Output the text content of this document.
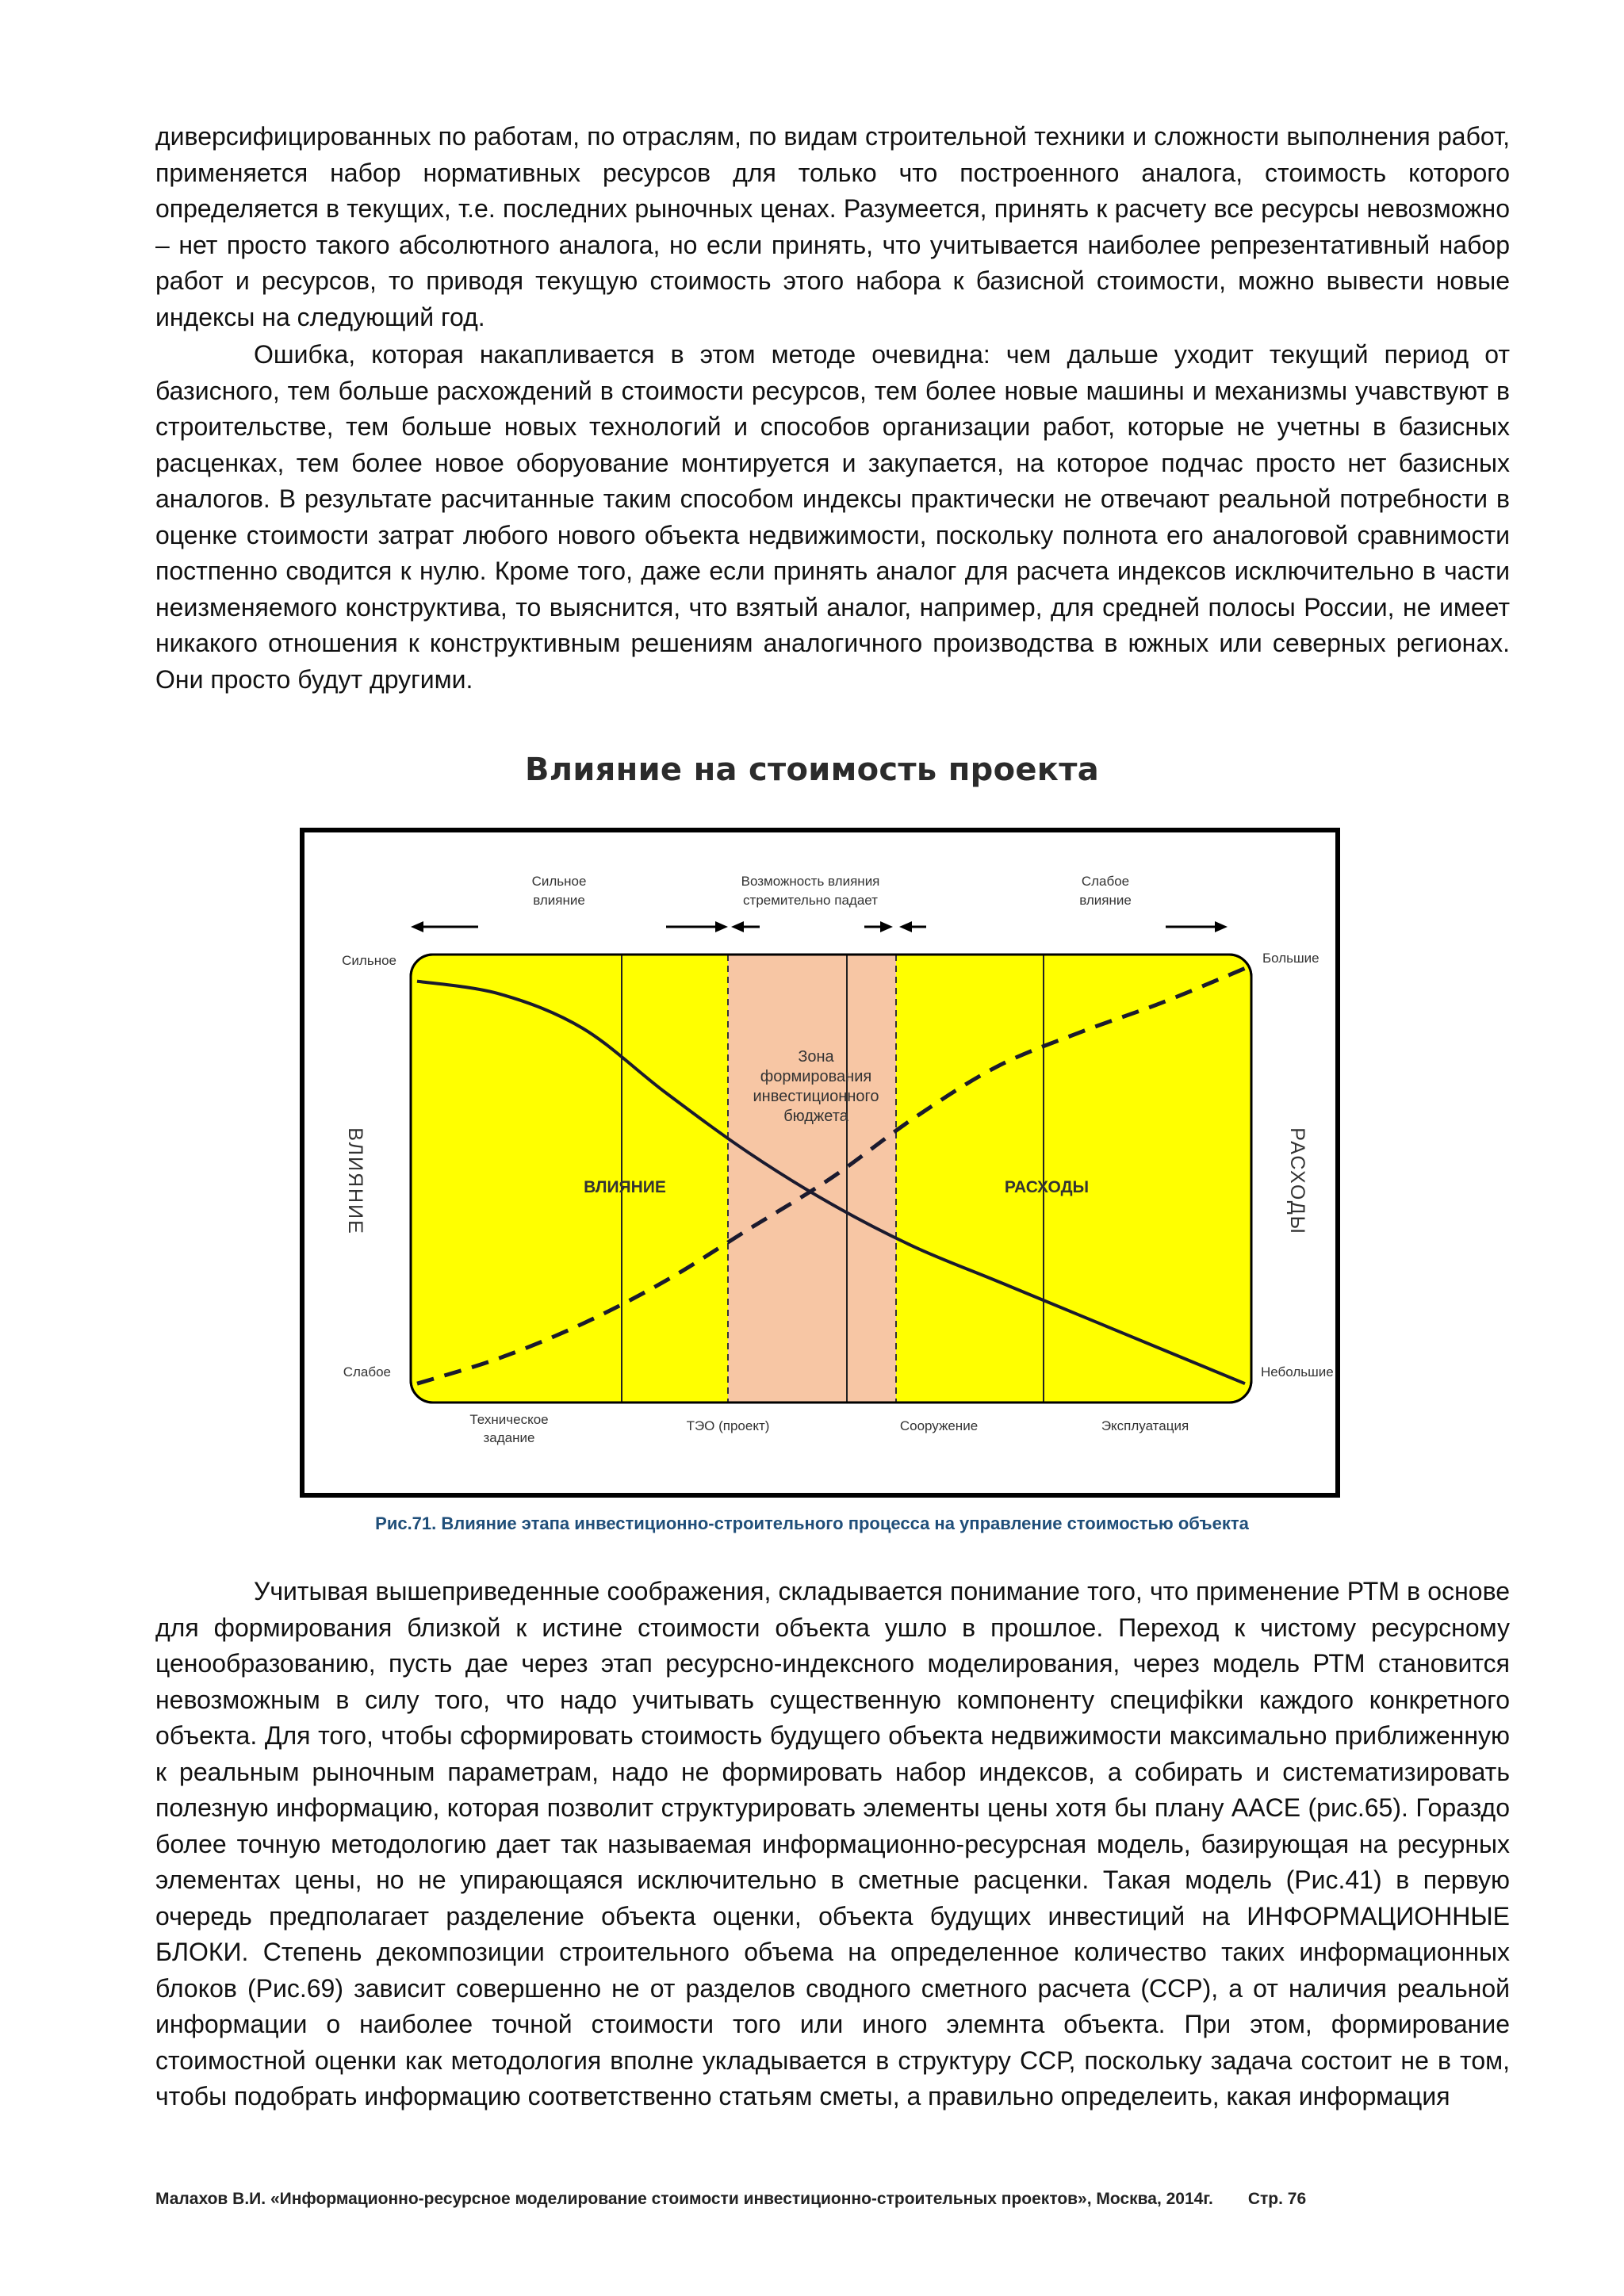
диверсифицированных по работам, по отраслям, по видам строительной техники и сложности выполнения работ, применяется набор нормативных ресурсов для только что построенного аналога, стоимость которого определяется в текущих, т.е. последних рыночных ценах. Разумеется, принять к расчету все ресурсы невозможно – нет просто такого абсолютного аналога, но если принять, что учитывается наиболее репрезентативный набор работ и ресурсов, то приводя текущую стоимость этого набора к базисной стоимости, можно вывести новые индексы на следующий год.

Ошибка, которая накапливается в этом методе очевидна: чем дальше уходит текущий период от базисного, тем больше расхождений в стоимости ресурсов, тем более новые машины и механизмы учавствуют в строительстве, тем больше новых технологий и способов организации работ, которые не учетны в базисных расценках, тем более новое оборуование монтируется и закупается, на которое подчас просто нет базисных аналогов. В результате расчитанные таким способом индексы практически не отвечают реальной потребности в оценке стоимости затрат любого нового объекта недвижимости, поскольку полнота его аналоговой сравнимости постпенно сводится к нулю. Кроме того, даже если принять аналог для расчета индексов исключительно в части неизменяемого конструктива, то выяснится, что взятый аналог, например, для средней полосы России, не имеет никакого отношения к конструктивным решениям аналогичного производства в южных или северных регионах. Они просто будут другими.

Влияние на стоимость проекта
Сильное
влияние
Возможность влияния
стремительно падает
Слабое
влияние
Сильное
Слабое
Большие
Небольшие
ВЛИЯНИЕ	РАСХОДЫ
Зона
формирования
инвестиционного
бюджета
ВЛИЯНИЕ	РАСХОДЫ
Техническое
задание
ТЭО (проект)	Сооружение	Эксплуатация
Рис.71. Влияние этапа инвестиционно-строительного процесса на управление стоимостью объекта

Учитывая вышеприведенные соображения, складывается понимание того, что применение РТМ в основе для формирования близкой к истине стоимости объекта ушло в прошлое. Переход к чистому ресурсному ценообразованию, пусть дае через этап ресурсно-индексного моделирования, через модель РТМ становится невозможным в силу того, что надо учитывать существенную компоненту специфikки каждого конкретного объекта. Для того, чтобы сформировать стоимость будущего объекта недвижимости максимально приближенную к реальным рыночным параметрам, надо не формировать набор индексов, а собирать и систематизировать полезную информацию, которая позволит структурировать элементы цены хотя бы плану AACE (рис.65). Гораздо более точную методологию дает так называемая информационно-ресурсная модель, базирующая на ресурных элементах цены, но не упирающаяся исключительно в сметные расценки. Такая модель (Рис.41) в первую очередь предполагает разделение объекта оценки, объекта будущих инвестиций на ИНФОРМАЦИОННЫЕ БЛОКИ. Степень декомпозиции строительного объема на определенное количество таких информационных блоков (Рис.69) зависит совершенно не от разделов сводного сметного расчета (ССР), а от наличия реальной информации о наиболее точной стоимости того или иного элемнта объекта. При этом, формирование стоимостной оценки как методология вполне укладывается в структуру ССР, поскольку задача состоит не в том, чтобы подобрать информацию соответственно статьям сметы, а правильно определеить, какая информация

Малахов В.И. «Информационно-ресурсное моделирование стоимости инвестиционно-строительных проектов», Москва, 2014г. Стр. 76
